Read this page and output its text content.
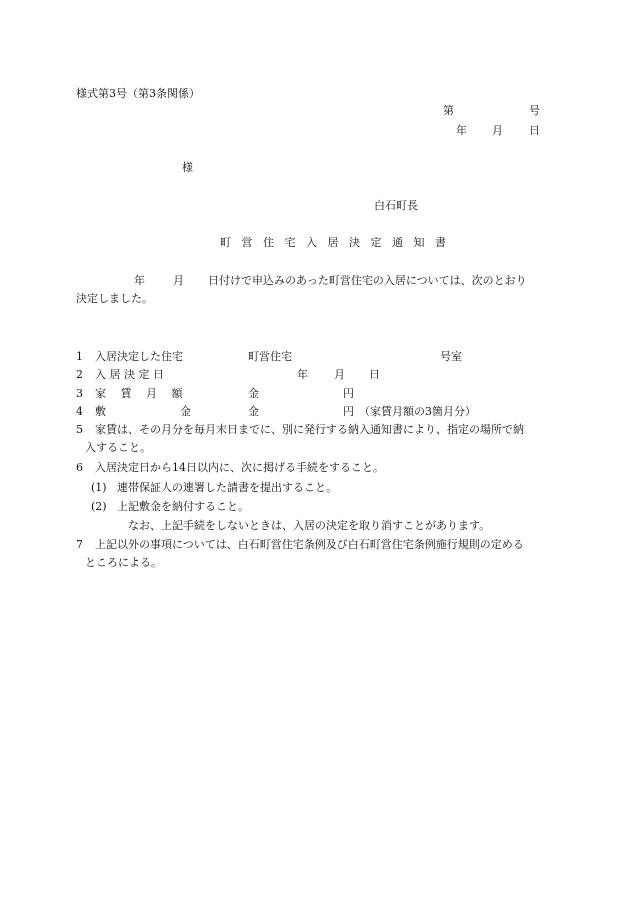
様式第3号（第3条関係）
第	号
年 月 日
様
白石町長
町 営 住 宅 入 居 決 定 通 知 書
年	月 日付けで申込みのあった町営住宅の入居については、次のとおり
決定しました。
1 入居決定した住宅	町営住宅	号室
2 入 居 決 定 日	年 月 日
3 家　 賃　 月　 額	金	円
4 敷	金	金	円 （家賃月額の3箇月分）
5 家賃は、その月分を毎月末日までに、別に発行する納入通知書により、指定の場所で納
入すること。
6 入居決定日から14日以内に、次に掲げる手続をすること。
(1) 連帯保証人の連署した請書を提出すること。
(2) 上記敷金を納付すること。
なお、上記手続をしないときは、入居の決定を取り消すことがあります。
7 上記以外の事項については、白石町営住宅条例及び白石町営住宅条例施行規則の定める
ところによる。
